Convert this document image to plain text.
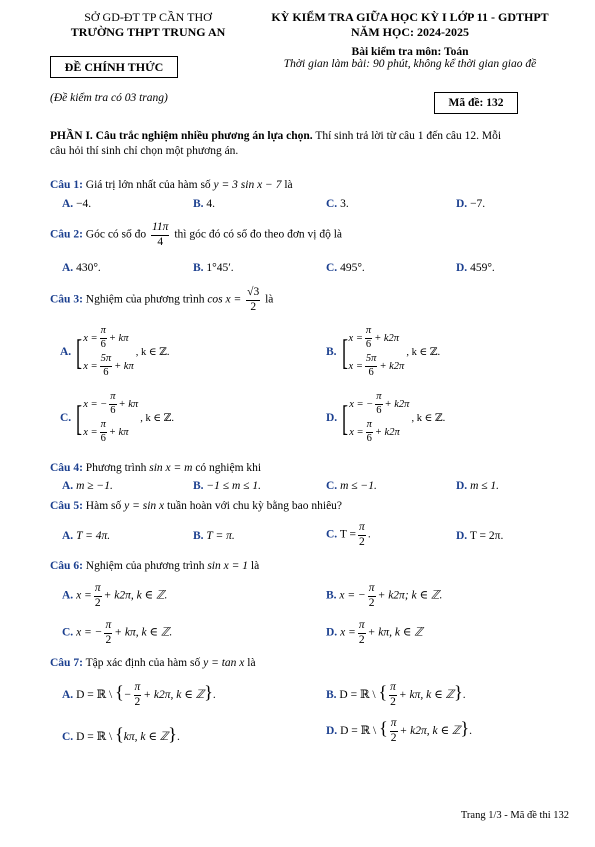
SỞ GD-ĐT TP CẦN THƠ
TRƯỜNG THPT TRUNG AN
ĐỀ CHÍNH THỨC
(Đề kiểm tra có 03 trang)
KỲ KIỂM TRA GIỮA HỌC KỲ I LỚP 11 - GDTHPT
NĂM HỌC: 2024-2025
Bài kiểm tra môn: Toán
Thời gian làm bài: 90 phút, không kể thời gian giao đề
Mã đề: 132
PHẦN I. Câu trắc nghiệm nhiều phương án lựa chọn. Thí sinh trả lời từ câu 1 đến câu 12. Mỗi
câu hỏi thí sinh chỉ chọn một phương án.
Câu 1: Giá trị lớn nhất của hàm số y = 3 sin x − 7 là
A. −4.	B. 4.	C. 3.	D. −7.
Câu 2: Góc có số đo $\frac{11\pi}{4}$ thì góc đó có số đo theo đơn vị độ là
A. 430°.	B. 1°45′.	C. 495°.	D. 459°.
Câu 3: Nghiệm của phương trình $\cos x = \frac{√3}{2}$ là
A. [ $x = \frac{\pi}{6} + k\pi$
$x = \frac{5\pi}{6} + k\pi$
, k ∈ ℤ.	B. [ $x = \frac{\pi}{6} + k2\pi$
$x = \frac{5\pi}{6} + k2\pi$
, k ∈ ℤ.
C. [ x = − $\frac{\pi}{6} + k\pi$
$x = \frac{\pi}{6} + k\pi$
, k ∈ ℤ.	D. [ x = − $\frac{\pi}{6} + k2\pi$
$x = \frac{\pi}{6} + k2\pi$
, k ∈ ℤ.
Câu 4: Phương trình sin x = m có nghiệm khi
A. m ≥ −1.	B. −1 ≤ m ≤ 1.	C. m ≤ −1.	D. m ≤ 1.
Câu 5: Hàm số y = sin x tuần hoàn với chu kỳ bằng bao nhiêu?
A. T = 4π.	B. T = π.	C. $T = \frac{\pi}{2}$ .	D. T = 2π.
Câu 6: Nghiệm của phương trình sin x = 1 là
A. $x = \frac{\pi}{2} + k2\pi$, k ∈ ℤ.	B. x = − $\frac{\pi}{2} + k2\pi$; k ∈ ℤ.
C. x = − $\frac{\pi}{2} + k\pi$, k ∈ ℤ.	D. $x = \frac{\pi}{2} + k\pi$, k ∈ ℤ
Câu 7: Tập xác định của hàm số y = tan x là
A. D = ℝ \ {− $\frac{\pi}{2} + k2\pi$, k ∈ ℤ}.	B. D = ℝ \ { $\frac{\pi}{2} + k\pi$, k ∈ ℤ}.
C. D = ℝ \ {kπ, k ∈ ℤ}.	D. D = ℝ \ { $\frac{\pi}{2} + k2\pi$, k ∈ ℤ}.
Trang 1/3 - Mã đề thi 132
